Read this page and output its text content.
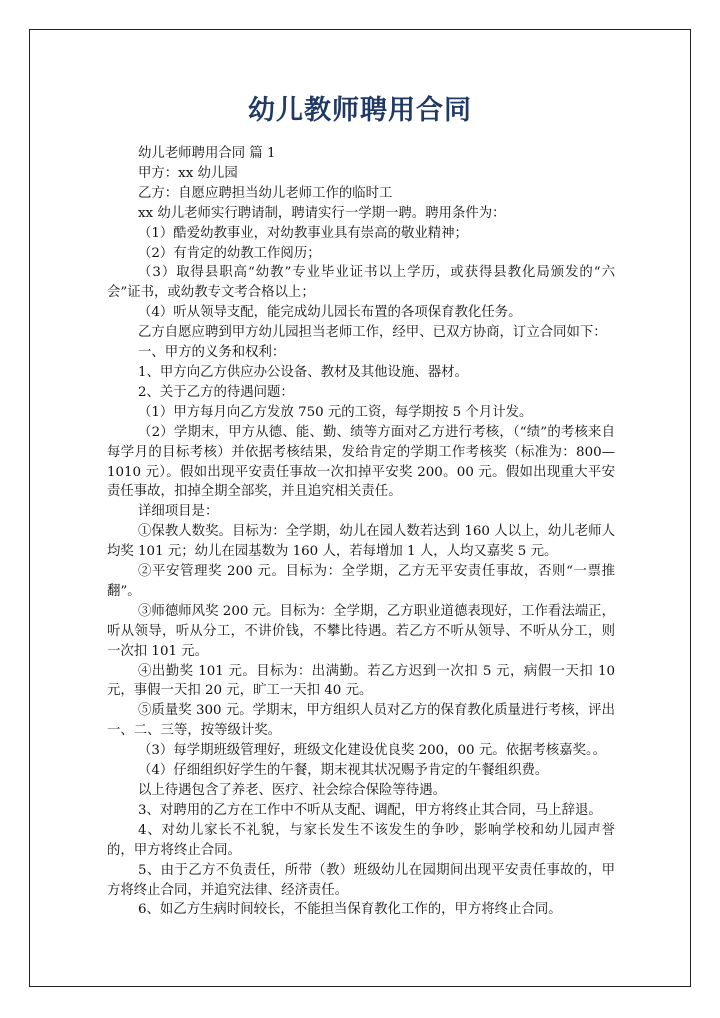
幼儿教师聘用合同

幼儿老师聘用合同 篇 1

甲方：xx 幼儿园

乙方：自愿应聘担当幼儿老师工作的临时工

xx 幼儿老师实行聘请制，聘请实行一学期一聘。聘用条件为：

（1）酷爱幼教事业，对幼教事业具有崇高的敬业精神；

（2）有肯定的幼教工作阅历；

（3）取得县职高“幼教”专业毕业证书以上学历，或获得县教化局颁发的“六会”证书，或幼教专文考合格以上；

（4）听从领导支配，能完成幼儿园长布置的各项保育教化任务。

乙方自愿应聘到甲方幼儿园担当老师工作，经甲、已双方协商，订立合同如下：

一、甲方的义务和权利：

1、甲方向乙方供应办公设备、教材及其他设施、器材。

2、关于乙方的待遇问题：

（1）甲方每月向乙方发放 750 元的工资，每学期按 5 个月计发。

（2）学期末，甲方从德、能、勤、绩等方面对乙方进行考核，（“绩”的考核来自每学月的目标考核）并依据考核结果，发给肯定的学期工作考核奖（标准为：800—1010 元）。假如出现平安责任事故一次扣掉平安奖 200。00 元。假如出现重大平安责任事故，扣掉全期全部奖，并且追究相关责任。

详细项目是：

①保教人数奖。目标为：全学期，幼儿在园人数若达到 160 人以上，幼儿老师人均奖 101 元；幼儿在园基数为 160 人，若每增加 1 人，人均又嘉奖 5 元。

②平安管理奖 200 元。目标为：全学期，乙方无平安责任事故，否则“一票推翻”。

③师德师风奖 200 元。目标为：全学期，乙方职业道德表现好，工作看法端正，听从领导，听从分工，不讲价钱，不攀比待遇。若乙方不听从领导、不听从分工，则一次扣 101 元。

④出勤奖 101 元。目标为：出满勤。若乙方迟到一次扣 5 元，病假一天扣 10 元，事假一天扣 20 元，旷工一天扣 40 元。

⑤质量奖 300 元。学期末，甲方组织人员对乙方的保育教化质量进行考核，评出一、二、三等，按等级计奖。

（3）每学期班级管理好，班级文化建设优良奖 200，00 元。依据考核嘉奖。。

（4）仔细组织好学生的午餐，期末视其状况赐予肯定的午餐组织费。

以上待遇包含了养老、医疗、社会综合保险等待遇。

3、对聘用的乙方在工作中不听从支配、调配，甲方将终止其合同，马上辞退。

4、对幼儿家长不礼貌，与家长发生不该发生的争吵，影响学校和幼儿园声誉的，甲方将终止合同。

5、由于乙方不负责任，所带（教）班级幼儿在园期间出现平安责任事故的，甲方将终止合同，并追究法律、经济责任。

6、如乙方生病时间较长，不能担当保育教化工作的，甲方将终止合同。
